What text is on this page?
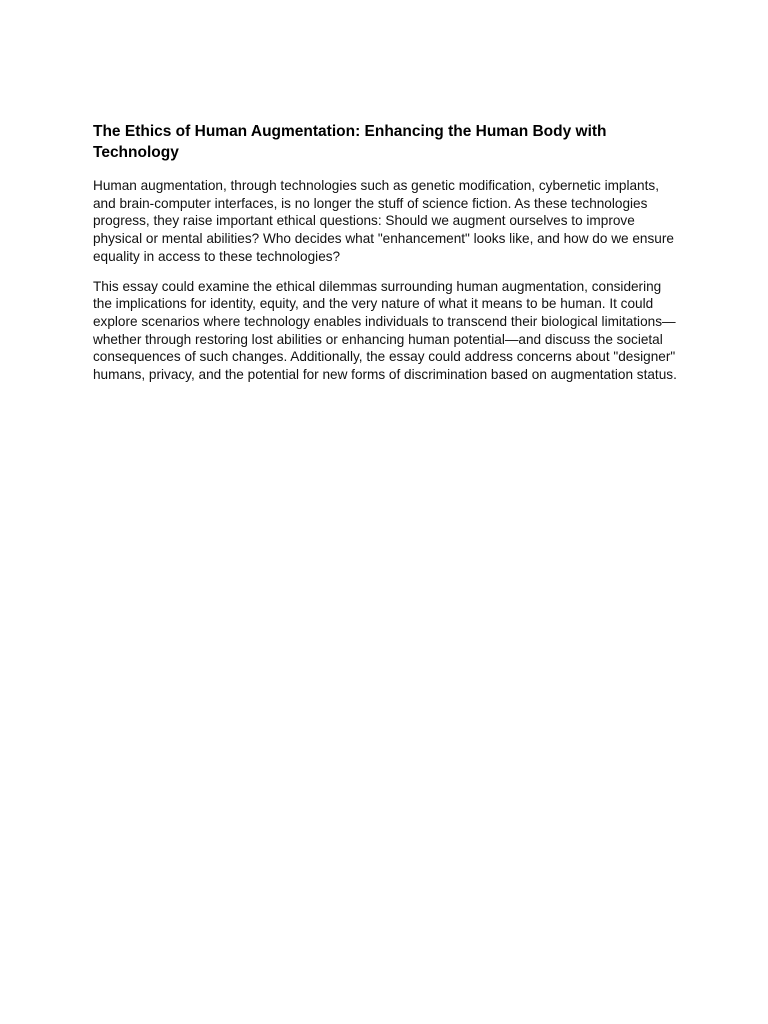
The Ethics of Human Augmentation: Enhancing the Human Body with Technology

Human augmentation, through technologies such as genetic modification, cybernetic implants, and brain-computer interfaces, is no longer the stuff of science fiction. As these technologies progress, they raise important ethical questions: Should we augment ourselves to improve physical or mental abilities? Who decides what "enhancement" looks like, and how do we ensure equality in access to these technologies?

This essay could examine the ethical dilemmas surrounding human augmentation, considering the implications for identity, equity, and the very nature of what it means to be human. It could explore scenarios where technology enables individuals to transcend their biological limitations—whether through restoring lost abilities or enhancing human potential—and discuss the societal consequences of such changes. Additionally, the essay could address concerns about "designer" humans, privacy, and the potential for new forms of discrimination based on augmentation status.
